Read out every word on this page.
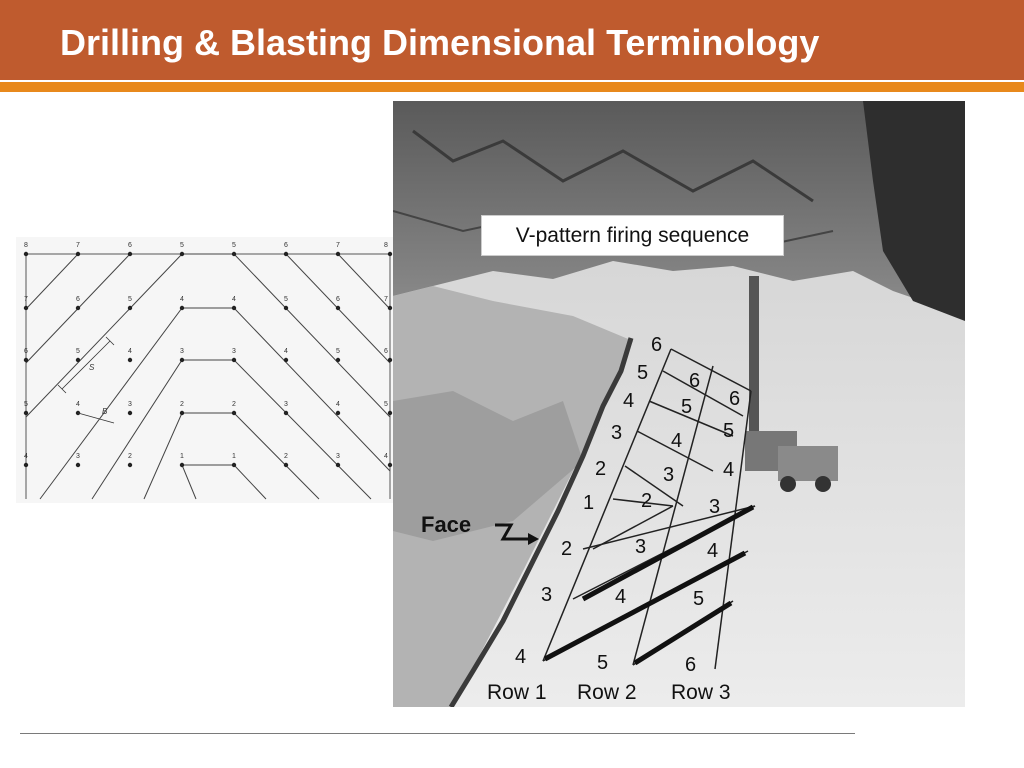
Drilling & Blasting Dimensional Terminology
8	7	6	5	5	6	7	8
7	6	5	4	4	5	6	7
6	5	4	3	3	4	5	6
5	4	3	2	2	3	4	5
4	3	2	1	1	2	3	4
S
B
Face
6
5
4
3
2
1
2
3
4
6
5
4
3
2
3
4
5
6
5
4
3
4
5
6
Row 1 Row 2 Row 3
V-pattern firing sequence
